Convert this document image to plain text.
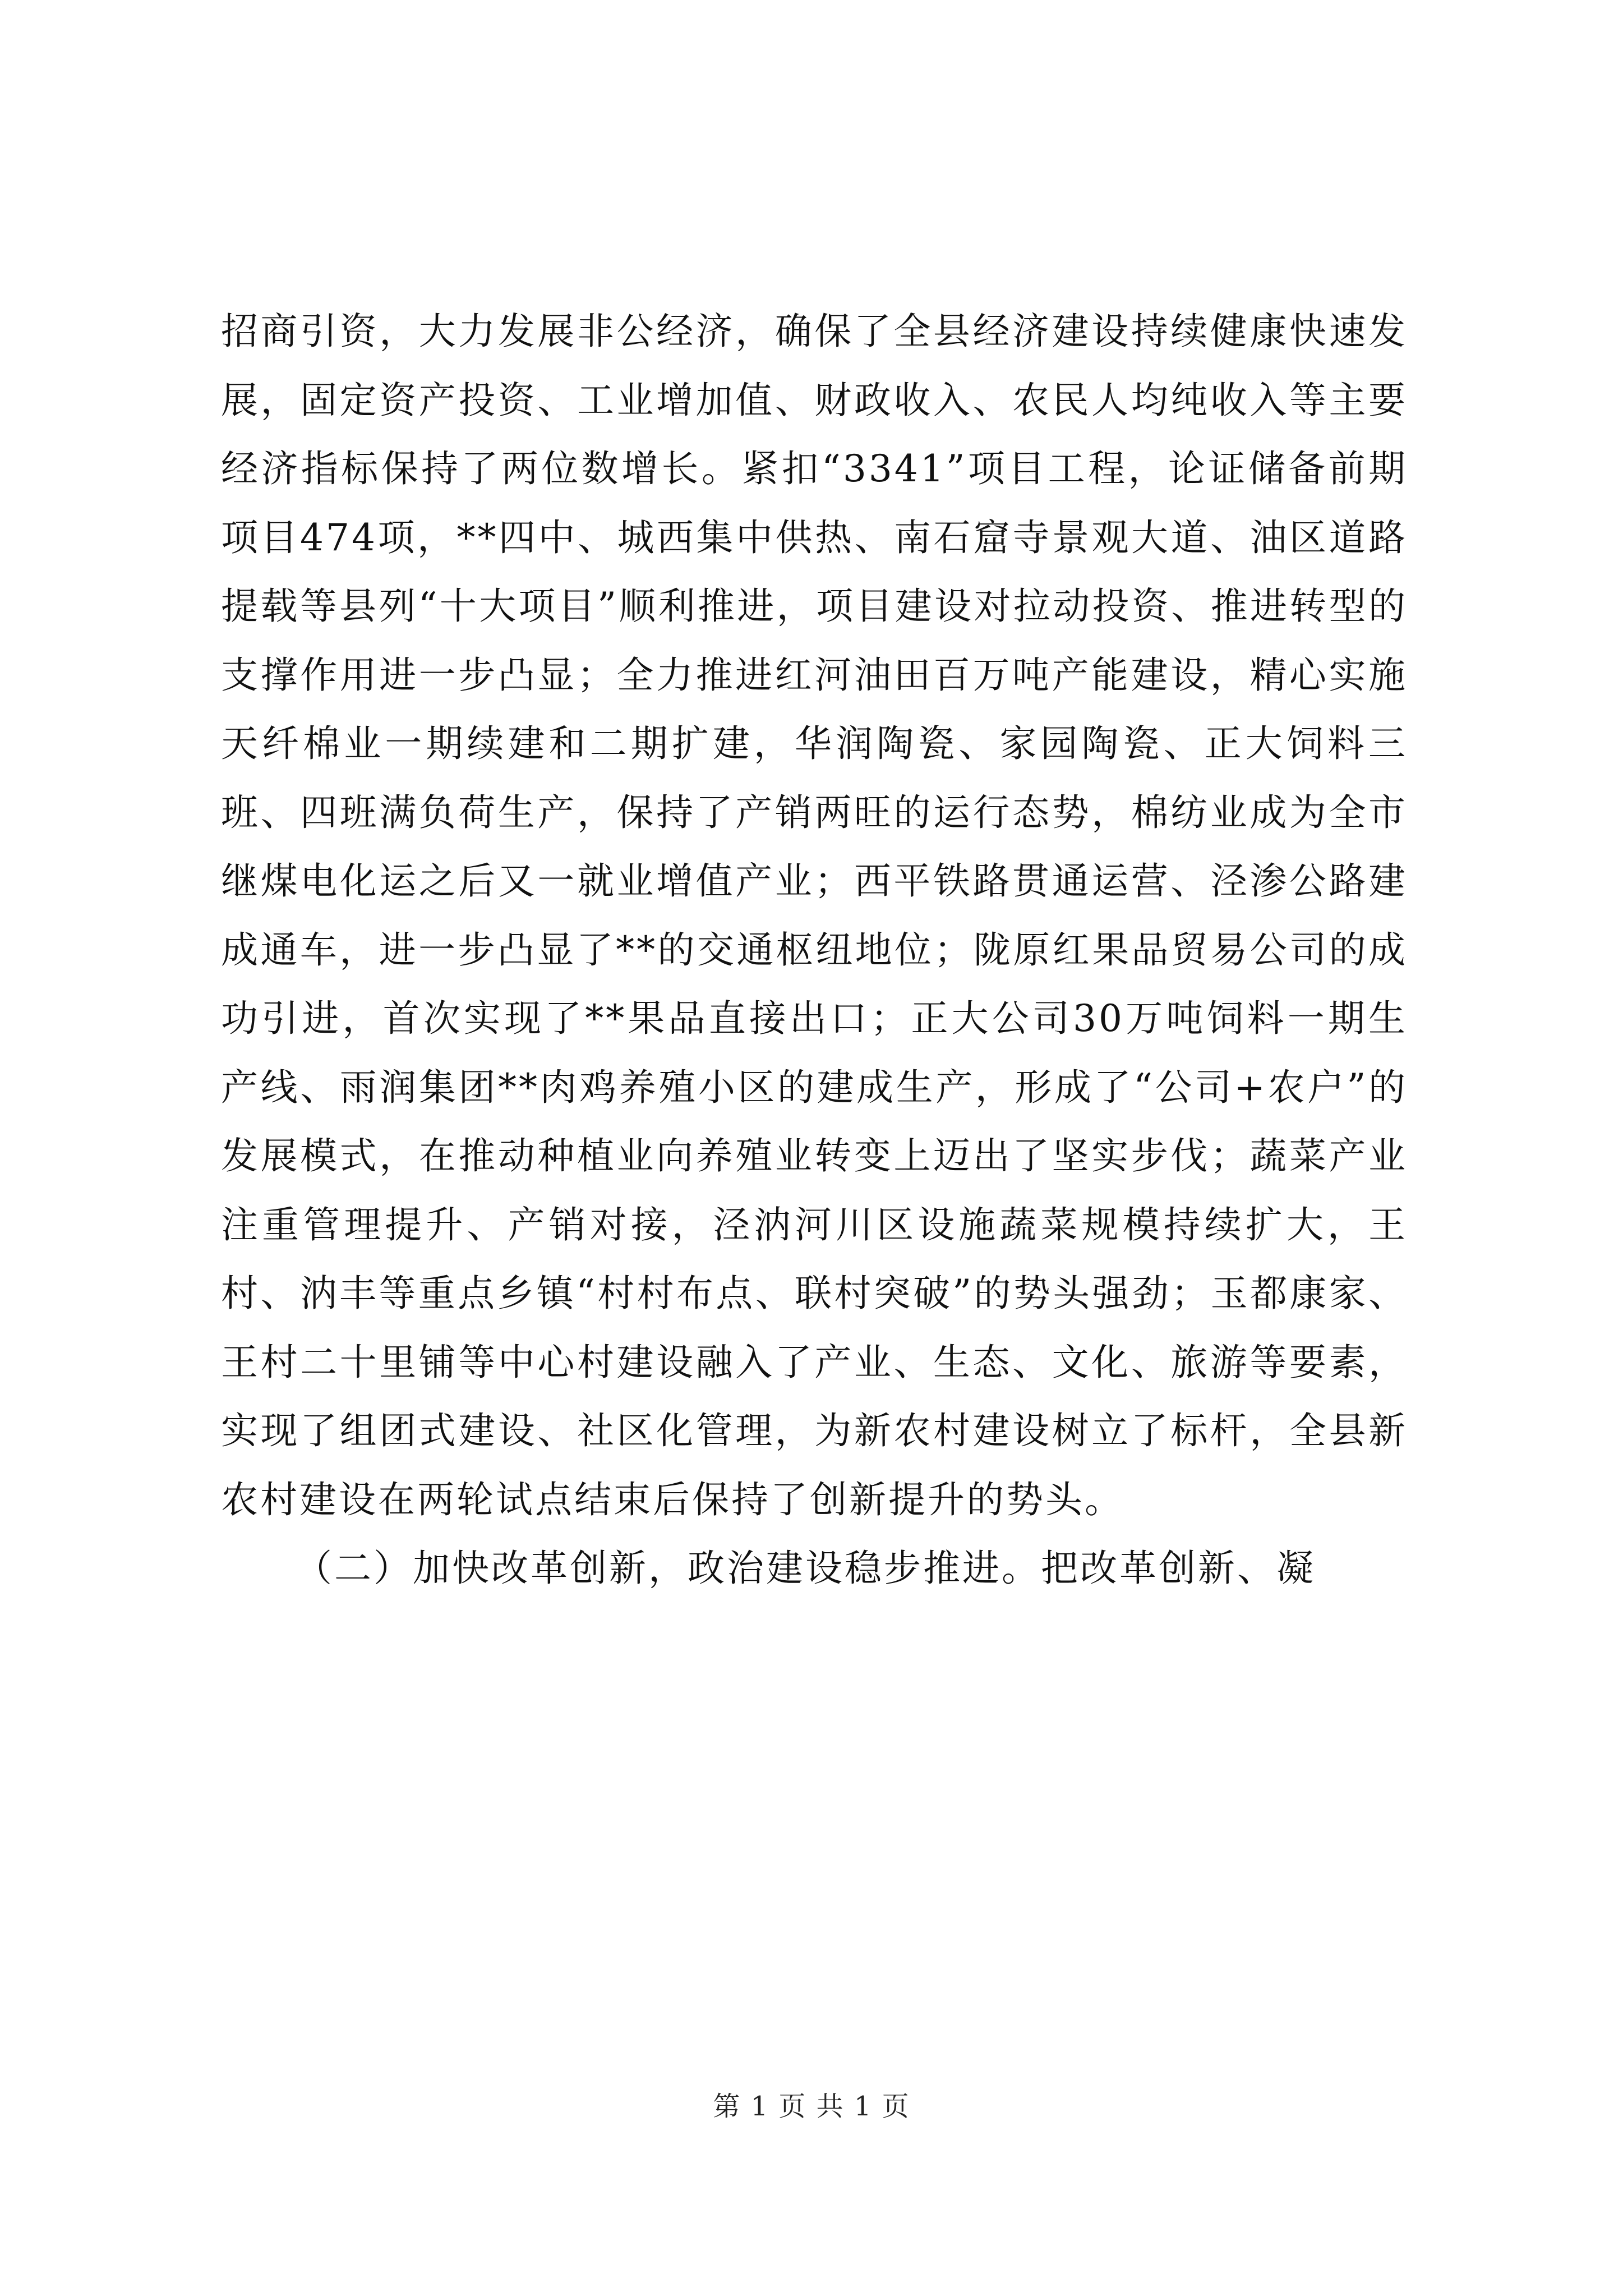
招商引资，大力发展非公经济，确保了全县经济建设持续健康快速发展，固定资产投资、工业增加值、财政收入、农民人均纯收入等主要经济指标保持了两位数增长。紧扣“3341”项目工程，论证储备前期项目474项，**四中、城西集中供热、南石窟寺景观大道、油区道路提载等县列“十大项目”顺利推进，项目建设对拉动投资、推进转型的支撑作用进一步凸显；全力推进红河油田百万吨产能建设，精心实施天纤棉业一期续建和二期扩建，华润陶瓷、家园陶瓷、正大饲料三班、四班满负荷生产，保持了产销两旺的运行态势，棉纺业成为全市继煤电化运之后又一就业增值产业；西平铁路贯通运营、泾渗公路建成通车，进一步凸显了**的交通枢纽地位；陇原红果品贸易公司的成功引进，首次实现了**果品直接出口；正大公司30万吨饲料一期生产线、雨润集团**肉鸡养殖小区的建成生产，形成了“公司+农户”的发展模式，在推动种植业向养殖业转变上迈出了坚实步伐；蔬菜产业注重管理提升、产销对接，泾汭河川区设施蔬菜规模持续扩大，王村、汭丰等重点乡镇“村村布点、联村突破”的势头强劲；玉都康家、王村二十里铺等中心村建设融入了产业、生态、文化、旅游等要素，实现了组团式建设、社区化管理，为新农村建设树立了标杆，全县新农村建设在两轮试点结束后保持了创新提升的势头。

（二）加快改革创新，政治建设稳步推进。把改革创新、凝

第 1 页 共 1 页
